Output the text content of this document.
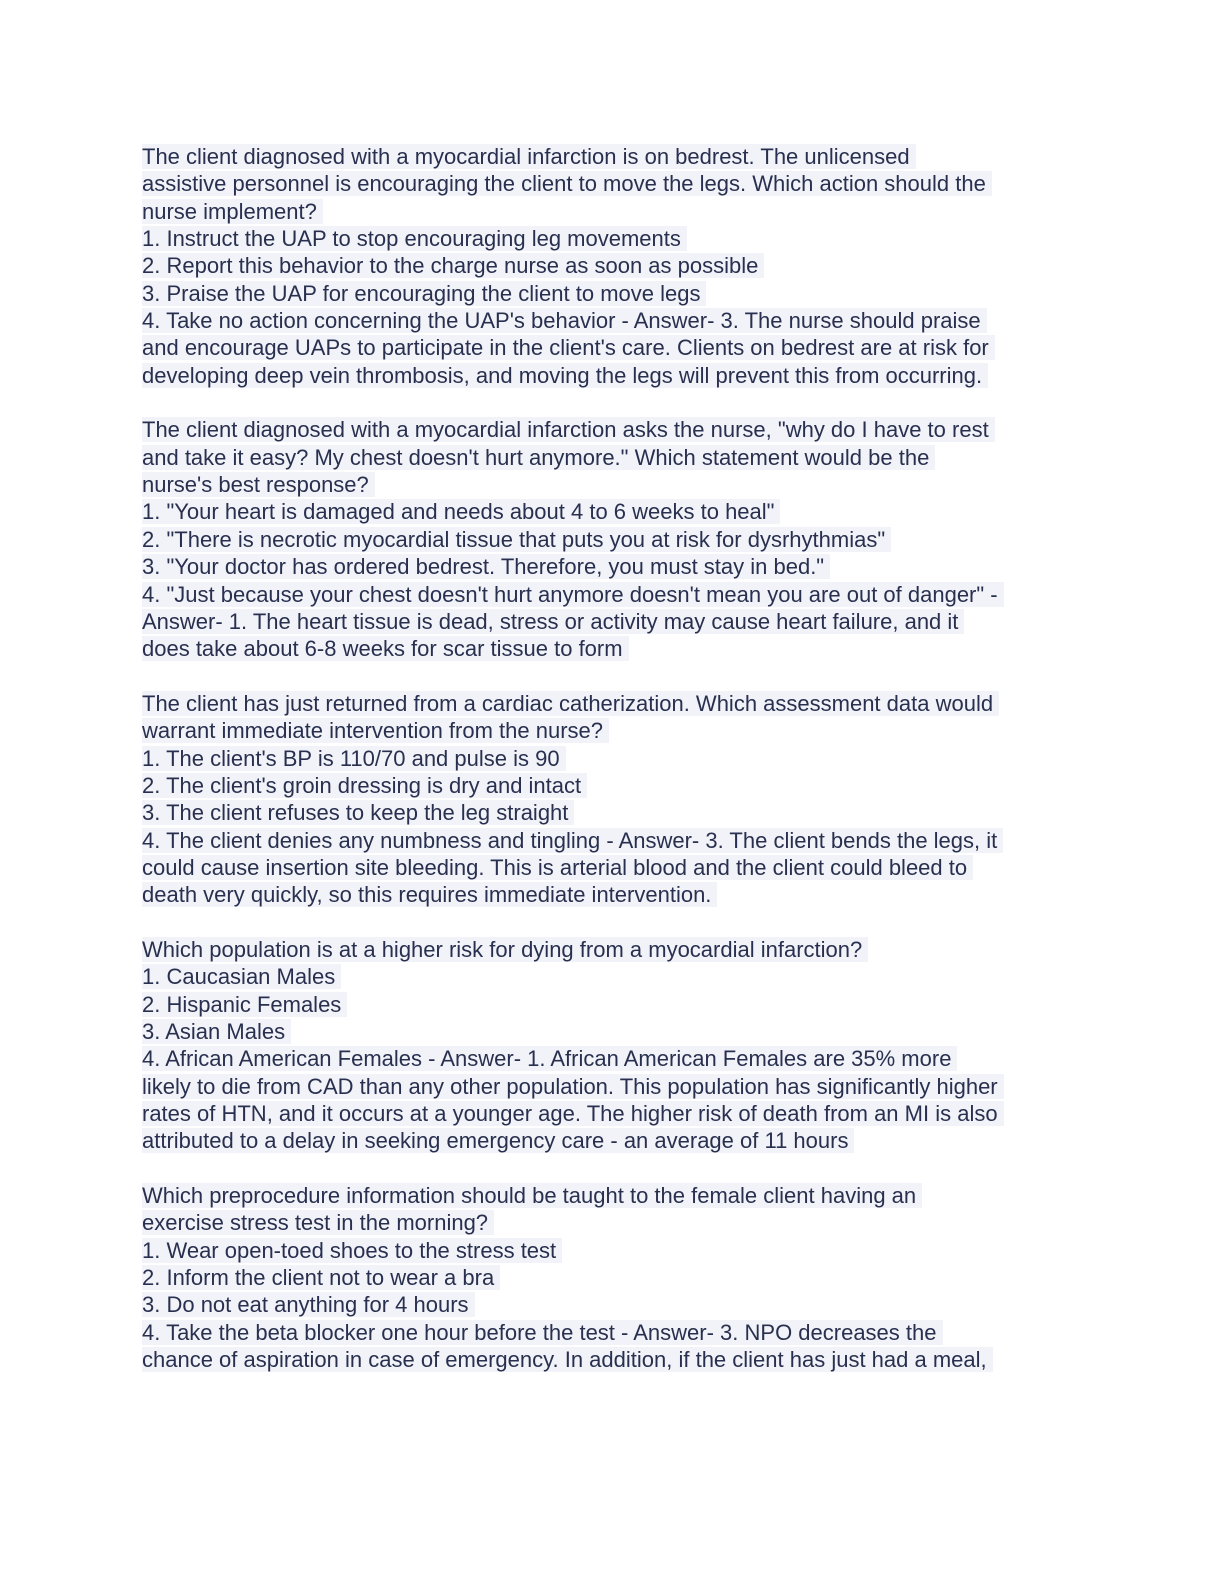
The client diagnosed with a myocardial infarction is on bedrest. The unlicensed
assistive personnel is encouraging the client to move the legs. Which action should the
nurse implement?
1. Instruct the UAP to stop encouraging leg movements
2. Report this behavior to the charge nurse as soon as possible
3. Praise the UAP for encouraging the client to move legs
4. Take no action concerning the UAP's behavior - Answer- 3. The nurse should praise
and encourage UAPs to participate in the client's care. Clients on bedrest are at risk for
developing deep vein thrombosis, and moving the legs will prevent this from occurring.
The client diagnosed with a myocardial infarction asks the nurse, "why do I have to rest
and take it easy? My chest doesn't hurt anymore." Which statement would be the
nurse's best response?
1. "Your heart is damaged and needs about 4 to 6 weeks to heal"
2. "There is necrotic myocardial tissue that puts you at risk for dysrhythmias"
3. "Your doctor has ordered bedrest. Therefore, you must stay in bed."
4. "Just because your chest doesn't hurt anymore doesn't mean you are out of danger" -
Answer- 1. The heart tissue is dead, stress or activity may cause heart failure, and it
does take about 6-8 weeks for scar tissue to form
The client has just returned from a cardiac catherization. Which assessment data would
warrant immediate intervention from the nurse?
1. The client's BP is 110/70 and pulse is 90
2. The client's groin dressing is dry and intact
3. The client refuses to keep the leg straight
4. The client denies any numbness and tingling - Answer- 3. The client bends the legs, it
could cause insertion site bleeding. This is arterial blood and the client could bleed to
death very quickly, so this requires immediate intervention.
Which population is at a higher risk for dying from a myocardial infarction?
1. Caucasian Males
2. Hispanic Females
3. Asian Males
4. African American Females - Answer- 1. African American Females are 35% more
likely to die from CAD than any other population. This population has significantly higher
rates of HTN, and it occurs at a younger age. The higher risk of death from an MI is also
attributed to a delay in seeking emergency care - an average of 11 hours
Which preprocedure information should be taught to the female client having an
exercise stress test in the morning?
1. Wear open-toed shoes to the stress test
2. Inform the client not to wear a bra
3. Do not eat anything for 4 hours
4. Take the beta blocker one hour before the test - Answer- 3. NPO decreases the
chance of aspiration in case of emergency. In addition, if the client has just had a meal,
